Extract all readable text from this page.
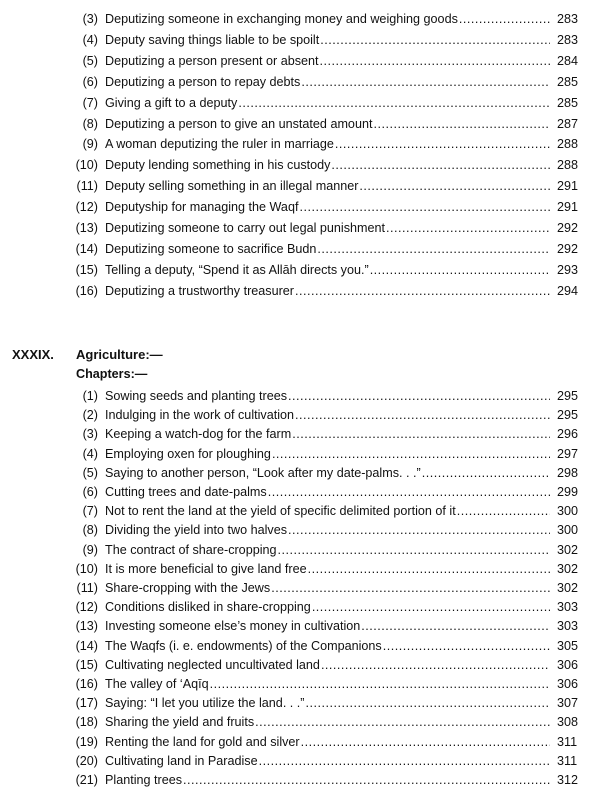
(3) Deputizing someone in exchanging money and weighing goods .....	283
(4) Deputy saving things liable to be spoilt .....	283
(5) Deputizing a person present or absent .....	284
(6) Deputizing a person to repay debts .....	285
(7) Giving a gift to a deputy .....	285
(8) Deputizing a person to give an unstated amount .....	287
(9) A woman deputizing the ruler in marriage .....	288
(10) Deputy lending something in his custody .....	288
(11) Deputy selling something in an illegal manner .....	291
(12) Deputyship for managing the Waqf .....	291
(13) Deputizing someone to carry out legal punishment .....	292
(14) Deputizing someone to sacrifice Budn .....	292
(15) Telling a deputy, “Spend it as Allāh directs you.” .....	293
(16) Deputizing a trustworthy treasurer .....	294
XXXIX. Agriculture:—
Chapters:—
(1) Sowing seeds and planting trees .....	295
(2) Indulging in the work of cultivation .....	295
(3) Keeping a watch-dog for the farm .....	296
(4) Employing oxen for ploughing .....	297
(5) Saying to another person, “Look after my date-palms. . .” .....	298
(6) Cutting trees and date-palms .....	299
(7) Not to rent the land at the yield of specific delimited portion of it .....	300
(8) Dividing the yield into two halves .....	300
(9) The contract of share-cropping .....	302
(10) It is more beneficial to give land free .....	302
(11) Share-cropping with the Jews .....	302
(12) Conditions disliked in share-cropping .....	303
(13) Investing someone else’s money in cultivation .....	303
(14) The Waqfs (i. e. endowments) of the Companions .....	305
(15) Cultivating neglected uncultivated land .....	306
(16) The valley of ‘Aqīq .....	306
(17) Saying: “I let you utilize the land. . .” .....	307
(18) Sharing the yield and fruits .....	308
(19) Renting the land for gold and silver .....	311
(20) Cultivating land in Paradise .....	311
(21) Planting trees .....	312
